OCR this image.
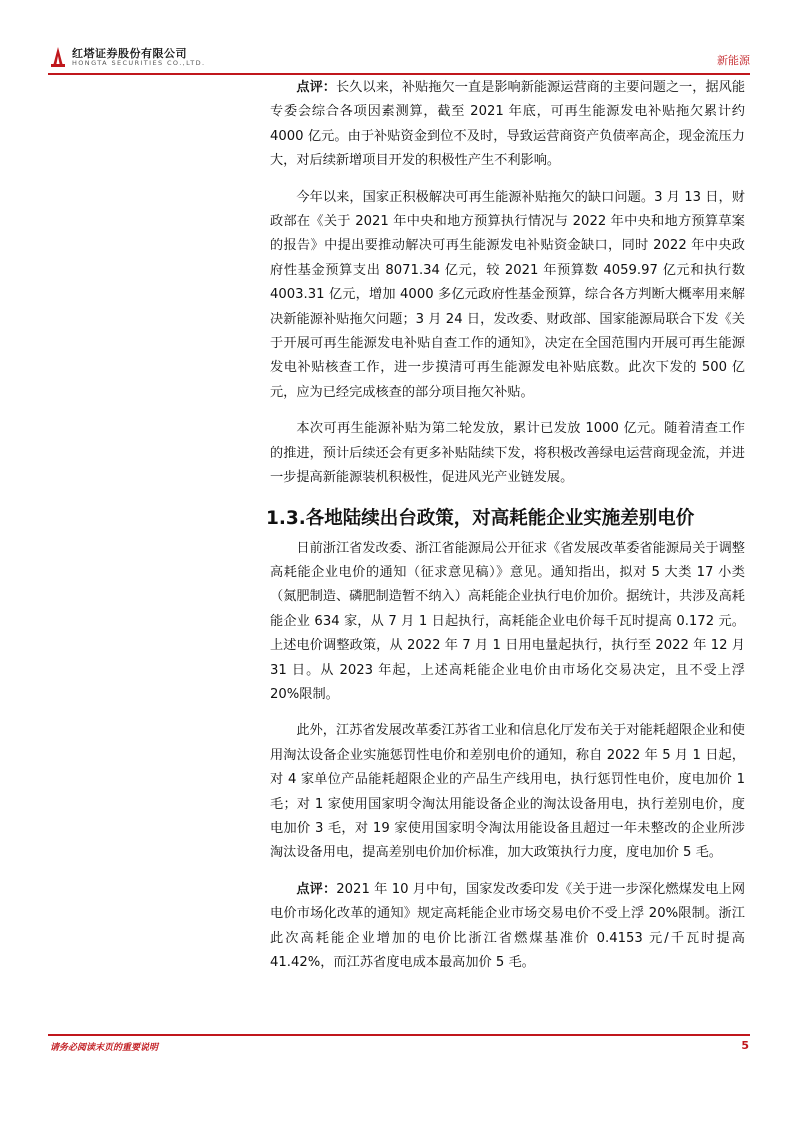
红塔证券股份有限公司
HONGTA SECURITIES CO.,LTD.	新能源

点评：长久以来，补贴拖欠一直是影响新能源运营商的主要问题之一，据风能专委会综合各项因素测算，截至 2021 年底，可再生能源发电补贴拖欠累计约 4000 亿元。由于补贴资金到位不及时，导致运营商资产负债率高企，现金流压力大，对后续新增项目开发的积极性产生不利影响。

今年以来，国家正积极解决可再生能源补贴拖欠的缺口问题。3 月 13 日，财政部在《关于 2021 年中央和地方预算执行情况与 2022 年中央和地方预算草案的报告》中提出要推动解决可再生能源发电补贴资金缺口，同时 2022 年中央政府性基金预算支出 8071.34 亿元，较 2021 年预算数 4059.97 亿元和执行数 4003.31 亿元，增加 4000 多亿元政府性基金预算，综合各方判断大概率用来解决新能源补贴拖欠问题；3 月 24 日，发改委、财政部、国家能源局联合下发《关于开展可再生能源发电补贴自查工作的通知》，决定在全国范围内开展可再生能源发电补贴核查工作，进一步摸清可再生能源发电补贴底数。此次下发的 500 亿元，应为已经完成核查的部分项目拖欠补贴。

本次可再生能源补贴为第二轮发放，累计已发放 1000 亿元。随着清查工作的推进，预计后续还会有更多补贴陆续下发，将积极改善绿电运营商现金流，并进一步提高新能源装机积极性，促进风光产业链发展。

1.3.各地陆续出台政策，对高耗能企业实施差别电价

日前浙江省发改委、浙江省能源局公开征求《省发展改革委省能源局关于调整高耗能企业电价的通知（征求意见稿）》意见。通知指出，拟对 5 大类 17 小类（氮肥制造、磷肥制造暂不纳入）高耗能企业执行电价加价。据统计，共涉及高耗能企业 634 家，从 7 月 1 日起执行，高耗能企业电价每千瓦时提高 0.172 元。上述电价调整政策，从 2022 年 7 月 1 日用电量起执行，执行至 2022 年 12 月 31 日。从 2023 年起，上述高耗能企业电价由市场化交易决定，且不受上浮 20%限制。

此外，江苏省发展改革委江苏省工业和信息化厅发布关于对能耗超限企业和使用淘汰设备企业实施惩罚性电价和差别电价的通知，称自 2022 年 5 月 1 日起，对 4 家单位产品能耗超限企业的产品生产线用电，执行惩罚性电价，度电加价 1 毛；对 1 家使用国家明令淘汰用能设备企业的淘汰设备用电，执行差别电价，度电加价 3 毛，对 19 家使用国家明令淘汰用能设备且超过一年未整改的企业所涉淘汰设备用电，提高差别电价加价标准，加大政策执行力度，度电加价 5 毛。

点评：2021 年 10 月中旬，国家发改委印发《关于进一步深化燃煤发电上网电价市场化改革的通知》规定高耗能企业市场交易电价不受上浮 20%限制。浙江此次高耗能企业增加的电价比浙江省燃煤基准价 0.4153 元/千瓦时提高 41.42%，而江苏省度电成本最高加价 5 毛。

请务必阅读末页的重要说明	5
